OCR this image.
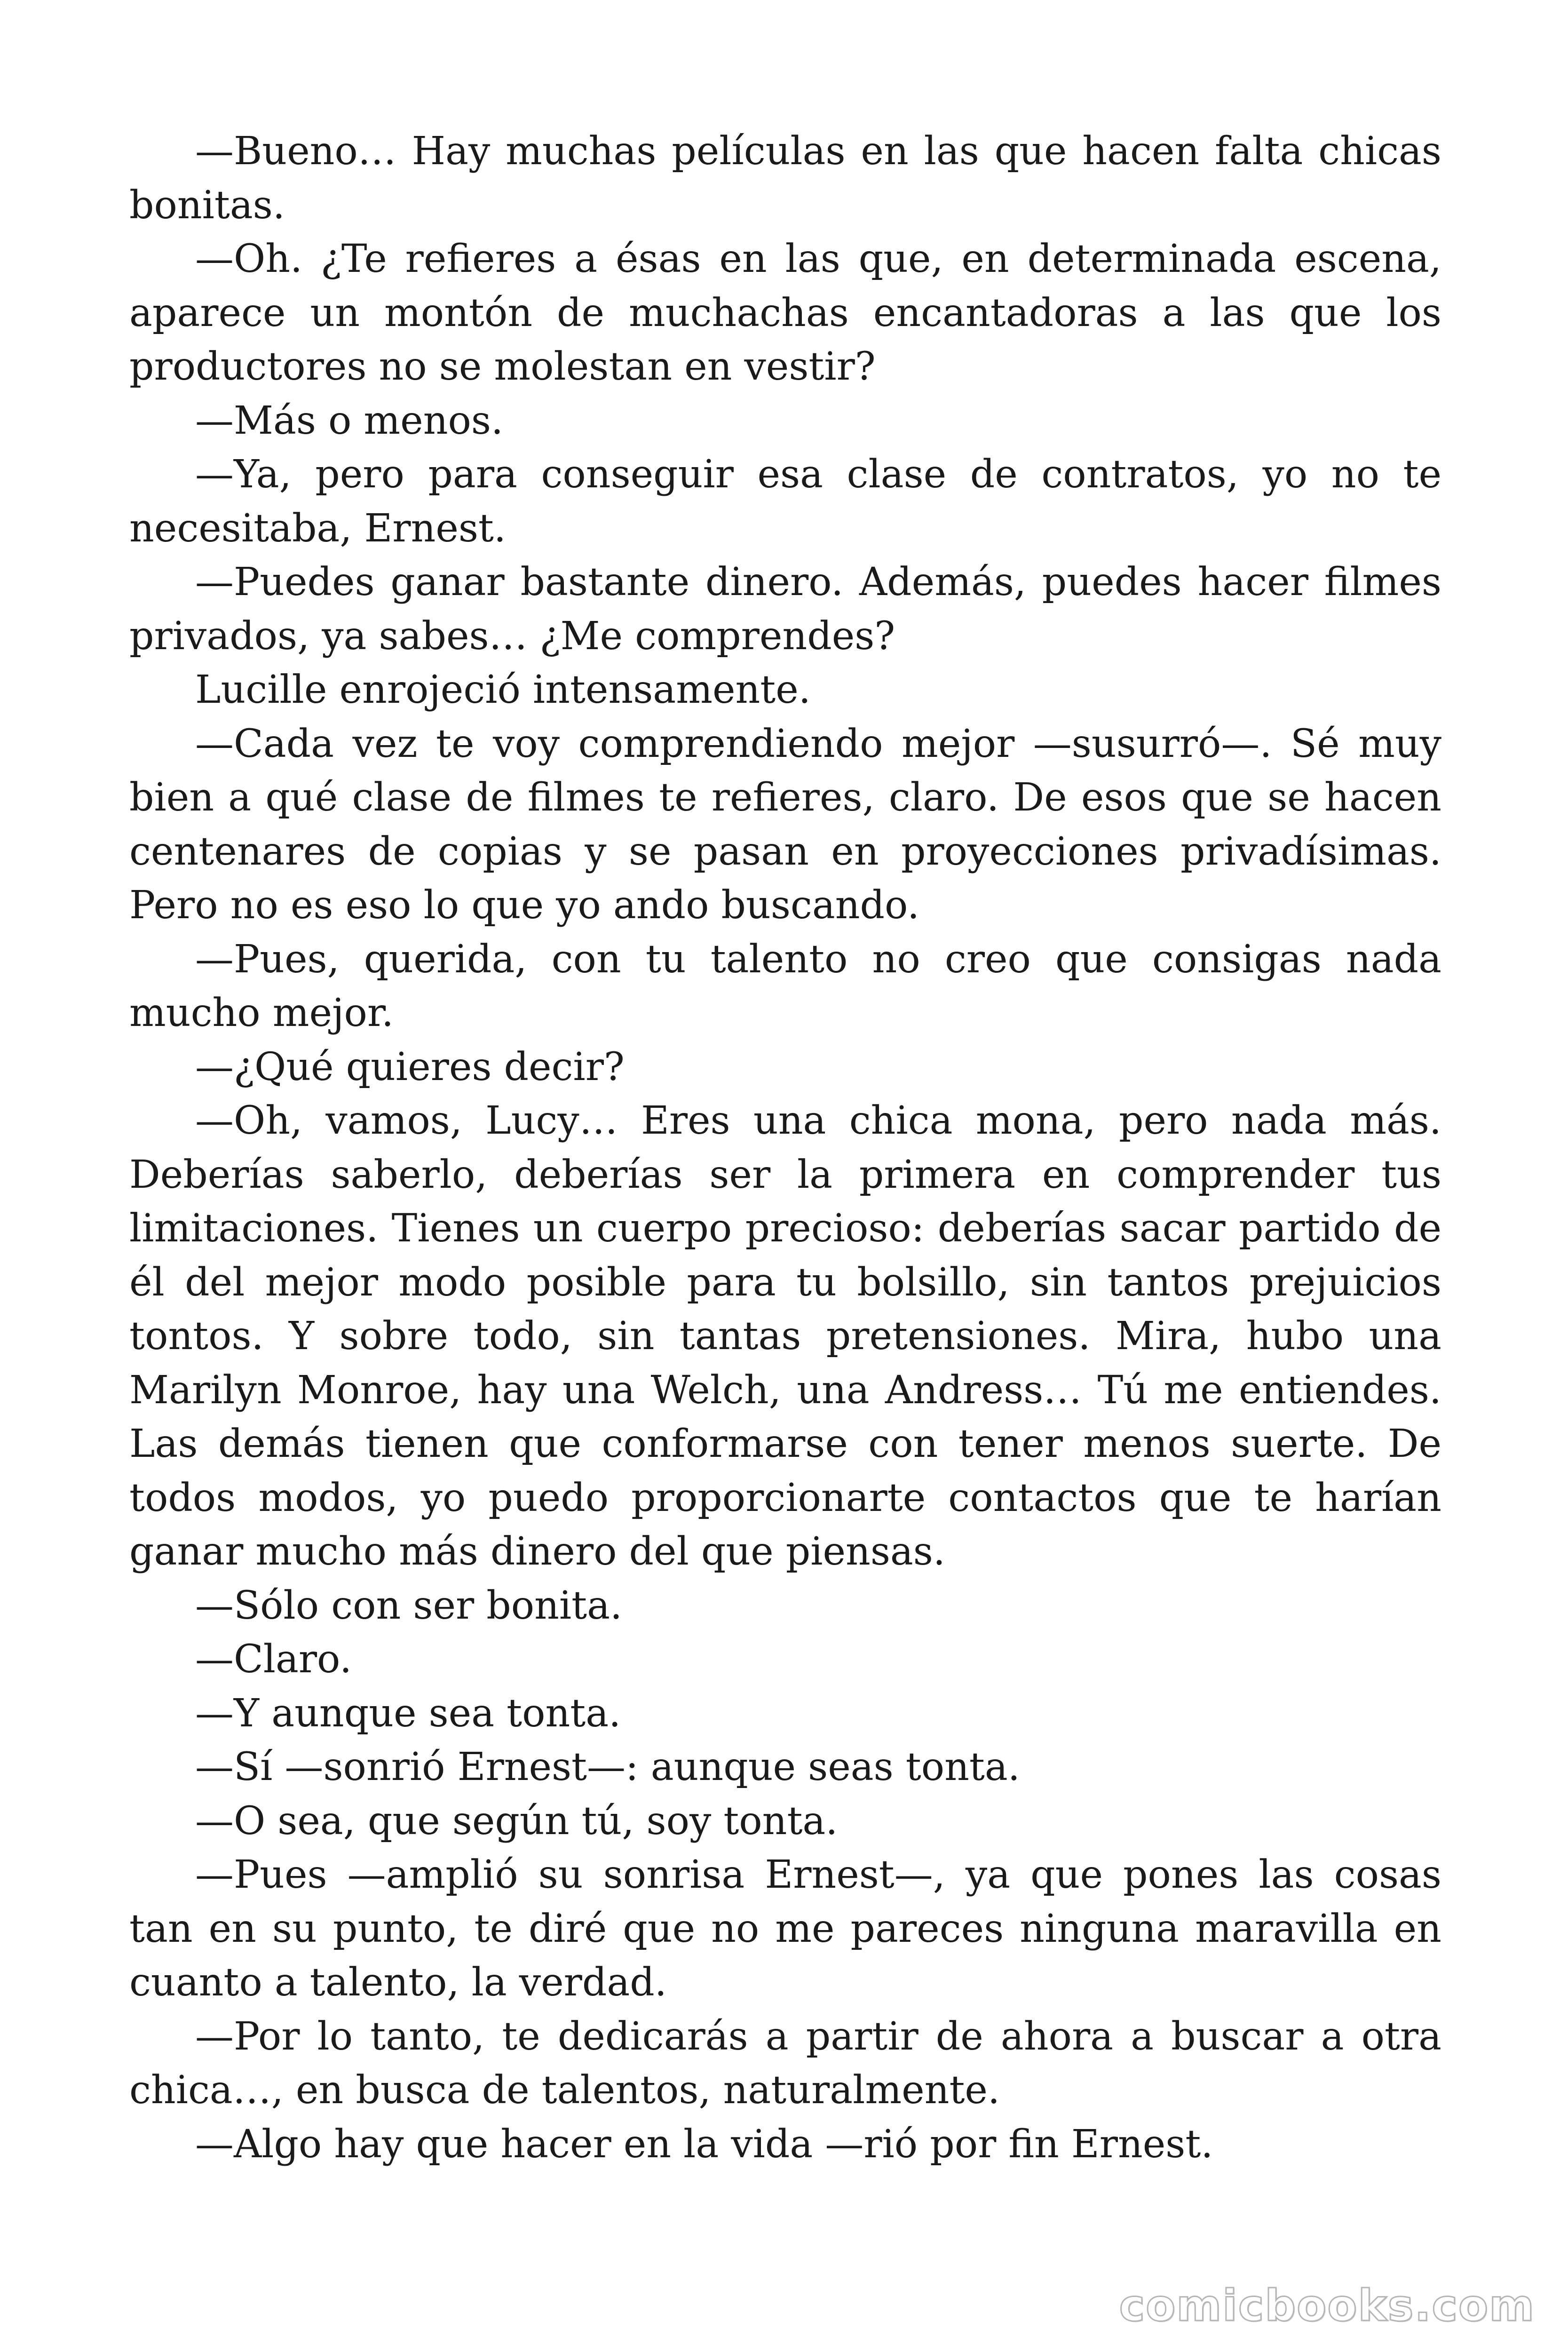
—Bueno… Hay muchas películas en las que hacen falta chicas bonitas.

—Oh. ¿Te refieres a ésas en las que, en determinada escena, aparece un montón de muchachas encantadoras a las que los productores no se molestan en vestir?

—Más o menos.

—Ya, pero para conseguir esa clase de contratos, yo no te necesitaba, Ernest.

—Puedes ganar bastante dinero. Además, puedes hacer filmes privados, ya sabes… ¿Me comprendes?

Lucille enrojeció intensamente.

—Cada vez te voy comprendiendo mejor —susurró—. Sé muy bien a qué clase de filmes te refieres, claro. De esos que se hacen centenares de copias y se pasan en proyecciones privadísimas. Pero no es eso lo que yo ando buscando.

—Pues, querida, con tu talento no creo que consigas nada mucho mejor.

—¿Qué quieres decir?

—Oh, vamos, Lucy… Eres una chica mona, pero nada más. Deberías saberlo, deberías ser la primera en comprender tus limitaciones. Tienes un cuerpo precioso: deberías sacar partido de él del mejor modo posible para tu bolsillo, sin tantos prejuicios tontos. Y sobre todo, sin tantas pretensiones. Mira, hubo una Marilyn Monroe, hay una Welch, una Andress… Tú me entiendes. Las demás tienen que conformarse con tener menos suerte. De todos modos, yo puedo proporcionarte contactos que te harían ganar mucho más dinero del que piensas.

—Sólo con ser bonita.

—Claro.

—Y aunque sea tonta.

—Sí —sonrió Ernest—: aunque seas tonta.

—O sea, que según tú, soy tonta.

—Pues —amplió su sonrisa Ernest—, ya que pones las cosas tan en su punto, te diré que no me pareces ninguna maravilla en cuanto a talento, la verdad.

—Por lo tanto, te dedicarás a partir de ahora a buscar a otra chica…, en busca de talentos, naturalmente.

—Algo hay que hacer en la vida —rió por fin Ernest.

comicbooks.com
